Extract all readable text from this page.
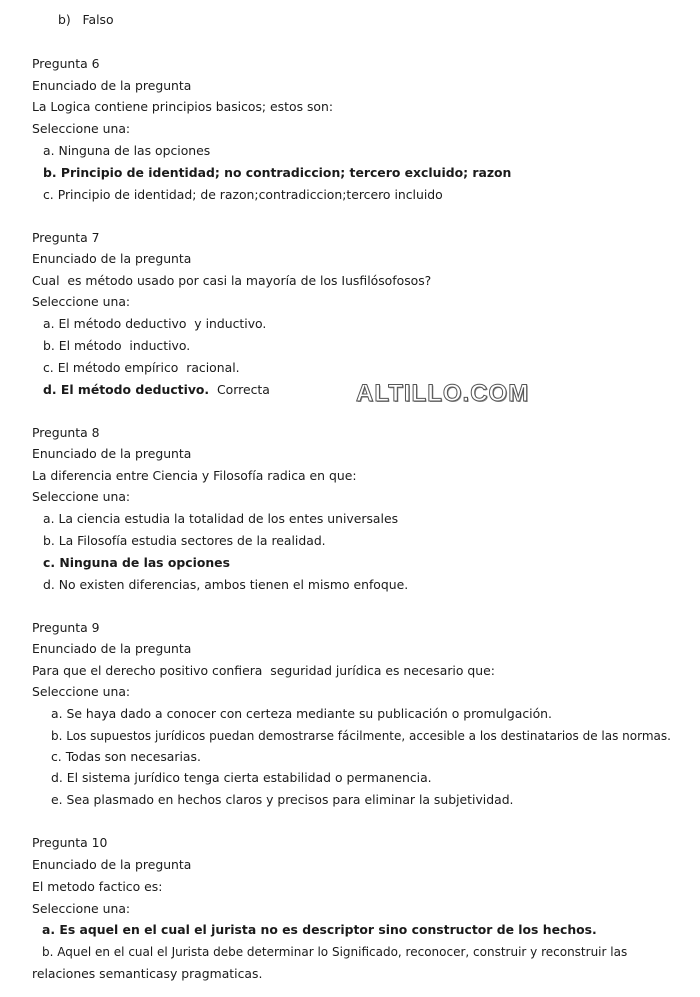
b)   Falso
Pregunta 6
Enunciado de la pregunta
La Logica contiene principios basicos; estos son:
Seleccione una:
a. Ninguna de las opciones
b. Principio de identidad; no contradiccion; tercero excluido; razon
c. Principio de identidad; de razon;contradiccion;tercero incluido
Pregunta 7
Enunciado de la pregunta
Cual  es método usado por casi la mayoría de los Iusfilósofosos?
Seleccione una:
a. El método deductivo  y inductivo.
b. El método  inductivo.
c. El método empírico  racional.
d. El método deductivo.  Correcta	ALTILLO.COM
Pregunta 8
Enunciado de la pregunta
La diferencia entre Ciencia y Filosofía radica en que:
Seleccione una:
a. La ciencia estudia la totalidad de los entes universales
b. La Filosofía estudia sectores de la realidad.
c. Ninguna de las opciones
d. No existen diferencias, ambos tienen el mismo enfoque.
Pregunta 9
Enunciado de la pregunta
Para que el derecho positivo confiera  seguridad jurídica es necesario que:
Seleccione una:
a. Se haya dado a conocer con certeza mediante su publicación o promulgación.
b. Los supuestos jurídicos puedan demostrarse fácilmente, accesible a los destinatarios de las normas.
c. Todas son necesarias.
d. El sistema jurídico tenga cierta estabilidad o permanencia.
e. Sea plasmado en hechos claros y precisos para eliminar la subjetividad.
Pregunta 10
Enunciado de la pregunta
El metodo factico es:
Seleccione una:
a. Es aquel en el cual el jurista no es descriptor sino constructor de los hechos.
b. Aquel en el cual el Jurista debe determinar lo Significado, reconocer, construir y reconstruir las
relaciones semanticasy pragmaticas.
